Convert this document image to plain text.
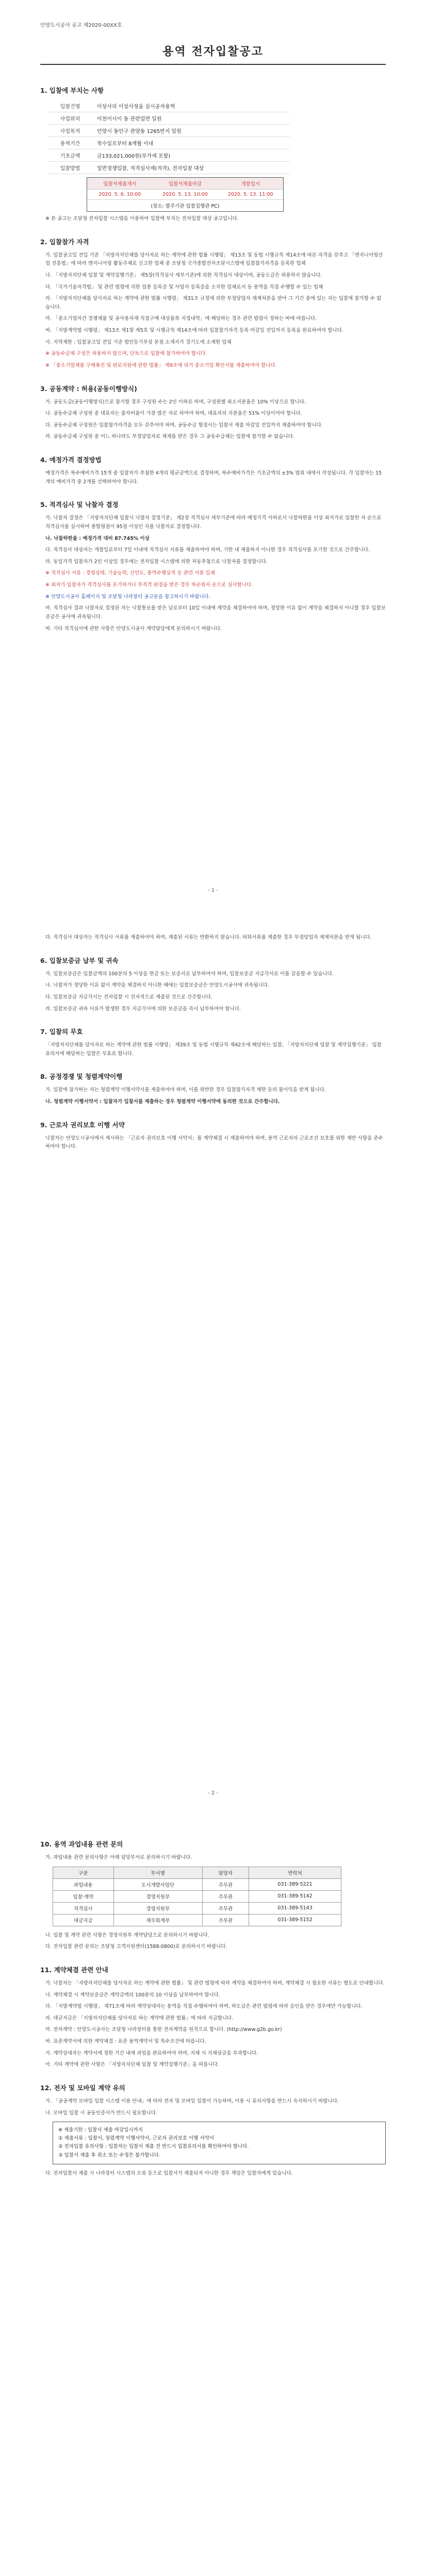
안양도시공사 공고 제2020-00XX호
용역 전자입찰공고
1. 입찰에 부치는 사항
입찰건명	이상사의 이상사정을 실시공자용역
사업위치	이천이시이 동 관련업면 일원
사업목적	안양시 동안구 관양동 1265번지 일원
용역기간	착수일로부터 8개월 이내
기초금액	금133,021,000원(부가세 포함)
입찰방법	일반경쟁입찰, 적격심사제(적격), 전자입찰 대상
입찰서제출개시	입찰서제출마감	개찰일시
2020. 5. 6. 10:00	2020. 5. 13. 10:00	2020. 5. 13. 11:00
(장소: 발주기관 입찰집행관 PC)

※ 본 공고는 조달청 전자입찰 시스템을 이용하여 입찰에 부치는 전자입찰 대상 공고입니다.

2. 입찰참가 자격

가. 입찰공고일 전일 기준 「지방자치단체를 당사자로 하는 계약에 관한 법률 시행령」 제13조 및 동법 시행규칙 제14조에 따른 자격을 갖추고 「엔지니어링산업 진흥법」에 따라 엔지니어링 활동주체로 신고한 업체 중 조달청 국가종합전자조달시스템에 입찰참가자격을 등록한 업체

나. 「지방자치단체 입찰 및 계약집행기준」 제5장(적격심사 세부기준)에 의한 적격심사 대상이며, 공동도급은 허용하지 않습니다.

다. 「국가기술자격법」 및 관련 법령에 의한 업종 등록증 및 사업자 등록증을 소지한 업체로서 동 용역을 직접 수행할 수 있는 업체

라. 「지방자치단체를 당사자로 하는 계약에 관한 법률 시행령」 제31조 규정에 의한 부정당업자 제재처분을 받아 그 기간 중에 있는 자는 입찰에 참가할 수 없습니다.

마. 「중소기업자간 경쟁제품 및 공사용자재 직접구매 대상품목 지정내역」에 해당하는 경우 관련 법령이 정하는 바에 따릅니다.

바. 「지방계약법 시행령」 제13조 제1항 제5호 및 시행규칙 제14조에 따라 입찰참가자격 등록 마감일 전일까지 등록을 완료하여야 합니다.

사. 지역제한 : 입찰공고일 전일 기준 법인등기부상 본점 소재지가 경기도에 소재한 업체

※ 공동수급체 구성은 허용하지 않으며, 단독으로 입찰에 참가하여야 합니다.

※ 「중소기업제품 구매촉진 및 판로지원에 관한 법률」 제9조에 의거 중소기업 확인서를 제출하여야 합니다.

3. 공동계약 : 허용(공동이행방식)

가. 공동도급(공동이행방식)으로 참가할 경우 구성원 수는 2인 이하로 하며, 구성원별 최소지분율은 10% 이상으로 합니다.

나. 공동수급체 구성원 중 대표자는 출자비율이 가장 많은 자로 하여야 하며, 대표자의 지분율은 51% 이상이어야 합니다.

다. 공동수급체 구성원은 입찰참가자격을 모두 갖추어야 하며, 공동수급 협정서는 입찰서 제출 마감일 전일까지 제출하여야 합니다.

라. 공동수급체 구성원 중 어느 하나라도 부정당업자로 제재를 받은 경우 그 공동수급체는 입찰에 참가할 수 없습니다.

4. 예정가격 결정방법

예정가격은 복수예비가격 15개 중 입찰자가 추첨한 4개의 평균금액으로 결정하며, 복수예비가격은 기초금액의 ±3% 범위 내에서 작성됩니다. 각 입찰자는 15개의 예비가격 중 2개를 선택하여야 합니다.

5. 적격심사 및 낙찰자 결정

가. 낙찰자 결정은 「지방자치단체 입찰시 낙찰자 결정기준」 제2장 적격심사 세부기준에 따라 예정가격 이하로서 낙찰하한율 이상 최저가로 입찰한 자 순으로 적격심사를 실시하여 종합평점이 95점 이상인 자를 낙찰자로 결정합니다.

나. 낙찰하한율 : 예정가격 대비 87.745% 이상

다. 적격심사 대상자는 개찰일로부터 7일 이내에 적격심사 서류를 제출하여야 하며, 기한 내 제출하지 아니한 경우 적격심사를 포기한 것으로 간주합니다.

라. 동일가격 입찰자가 2인 이상일 경우에는 전자입찰 시스템에 의한 자동추첨으로 낙찰자를 결정합니다.

※ 적격심사 서류 : 경영상태, 기술능력, 신인도, 용역수행실적 등 관련 서류 일체

※ 최저가 입찰자가 적격심사를 포기하거나 부적격 판정을 받은 경우 차순위자 순으로 심사합니다.

※ 안양도시공사 홈페이지 및 조달청 나라장터 공고문을 참고하시기 바랍니다.

마. 적격심사 결과 낙찰자로 결정된 자는 낙찰통보를 받은 날로부터 10일 이내에 계약을 체결하여야 하며, 정당한 이유 없이 계약을 체결하지 아니할 경우 입찰보증금은 공사에 귀속됩니다.

바. 기타 적격심사에 관한 사항은 안양도시공사 계약담당에게 문의하시기 바랍니다.

- 1 -

다. 적격심사 대상자는 적격심사 서류를 제출하여야 하며, 제출된 서류는 반환하지 않습니다. 허위서류를 제출한 경우 부정당업자 제재처분을 받게 됩니다.

6. 입찰보증금 납부 및 귀속

가. 입찰보증금은 입찰금액의 100분의 5 이상을 현금 또는 보증서로 납부하여야 하며, 입찰보증금 지급각서로 이를 갈음할 수 있습니다.

나. 낙찰자가 정당한 이유 없이 계약을 체결하지 아니한 때에는 입찰보증금은 안양도시공사에 귀속됩니다.

다. 입찰보증금 지급각서는 전자입찰 시 전자적으로 제출된 것으로 간주합니다.

라. 입찰보증금 귀속 사유가 발생한 경우 지급각서에 의한 보증금을 즉시 납부하여야 합니다.

7. 입찰의 무효

「지방자치단체를 당사자로 하는 계약에 관한 법률 시행령」 제39조 및 동법 시행규칙 제42조에 해당하는 입찰, 「지방자치단체 입찰 및 계약집행기준」 입찰유의서에 해당하는 입찰은 무효로 합니다.

8. 공정경쟁 및 청렴계약이행

가. 입찰에 참가하는 자는 청렴계약 이행서약서를 제출하여야 하며, 이를 위반한 경우 입찰참가자격 제한 등의 불이익을 받게 됩니다.

나. 청렴계약 이행서약서 : 입찰자가 입찰서를 제출하는 경우 청렴계약 이행서약에 동의한 것으로 간주합니다.

9. 근로자 권리보호 이행 서약

낙찰자는 안양도시공사에서 제시하는 「근로자 권리보호 이행 서약서」를 계약체결 시 제출하여야 하며, 용역 근로자의 근로조건 보호를 위한 제반 사항을 준수하여야 합니다.

- 2 -
10. 용역 과업내용 관련 문의

가. 과업내용 관련 문의사항은 아래 담당부서로 문의하시기 바랍니다.

구분	부서명	담당자	연락처
과업내용	도시개발사업단	주무관	031-389-5221
입찰·계약	경영지원부	주무관	031-389-5142
적격심사	경영지원부	주무관	031-389-5143
대금지급	재무회계부	주무관	031-389-5152

나. 입찰 및 계약 관련 사항은 경영지원부 계약담당으로 문의하시기 바랍니다.

다. 전자입찰 관련 문의는 조달청 고객지원센터(1588-0800)로 문의하시기 바랍니다.

11. 계약체결 관련 안내

가. 낙찰자는 「지방자치단체를 당사자로 하는 계약에 관한 법률」 및 관련 법령에 따라 계약을 체결하여야 하며, 계약체결 시 필요한 서류는 별도로 안내합니다.

나. 계약체결 시 계약보증금은 계약금액의 100분의 10 이상을 납부하여야 합니다.

다. 「지방계약법 시행령」 제71조에 따라 계약상대자는 용역을 직접 수행하여야 하며, 하도급은 관련 법령에 따라 승인을 받은 경우에만 가능합니다.

라. 대금지급은 「지방자치단체를 당사자로 하는 계약에 관한 법률」에 따라 지급합니다.

마. 전자계약 : 안양도시공사는 조달청 나라장터를 통한 전자계약을 원칙으로 합니다. (http://www.g2b.go.kr)

바. 표준계약서에 의한 계약체결 : 표준 용역계약서 및 특수조건에 따릅니다.

사. 계약상대자는 계약서에 정한 기간 내에 과업을 완료하여야 하며, 지체 시 지체상금을 부과합니다.

아. 기타 계약에 관한 사항은 「지방자치단체 입찰 및 계약집행기준」을 따릅니다.

12. 전자 및 모바일 계약 유의

가. 「공공계약 모바일 입찰 시스템 이용 안내」에 따라 전자 및 모바일 입찰이 가능하며, 이용 시 유의사항을 반드시 숙지하시기 바랍니다.

나. 모바일 입찰 시 공동인증서가 반드시 필요합니다.

※ 제출기한 : 입찰서 제출 마감일시까지
① 제출서류 : 입찰서, 청렴계약 이행서약서, 근로자 권리보호 이행 서약서
② 전자입찰 유의사항 : 입찰자는 입찰서 제출 전 반드시 입찰유의서를 확인하여야 합니다.
③ 입찰서 제출 후 취소 또는 수정은 불가합니다.

다. 전자입찰서 제출 시 나라장터 시스템의 오류 등으로 입찰서가 제출되지 아니한 경우 책임은 입찰자에게 있습니다.
